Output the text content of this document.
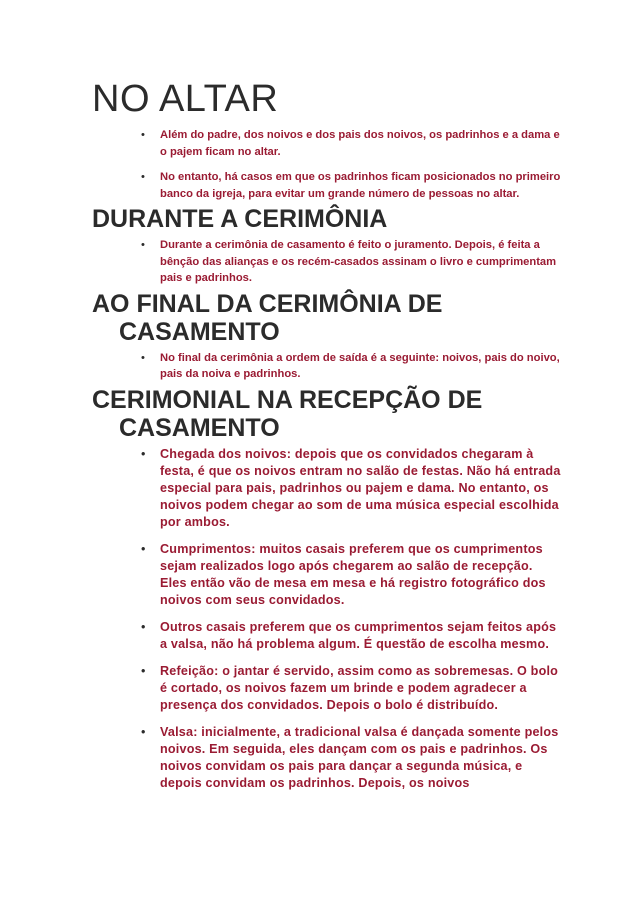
NO ALTAR
• Além do padre, dos noivos e dos pais dos noivos, os padrinhos e a dama e o pajem ficam no altar.
• No entanto, há casos em que os padrinhos ficam posicionados no primeiro banco da igreja, para evitar um grande número de pessoas no altar.
DURANTE A CERIMÔNIA
• Durante a cerimônia de casamento é feito o juramento. Depois, é feita a bênção das alianças e os recém-casados assinam o livro e cumprimentam pais e padrinhos.
AO FINAL DA CERIMÔNIA DE CASAMENTO
• No final da cerimônia a ordem de saída é a seguinte: noivos, pais do noivo, pais da noiva e padrinhos.
CERIMONIAL NA RECEPÇÃO DE CASAMENTO
• Chegada dos noivos: depois que os convidados chegaram à festa, é que os noivos entram no salão de festas. Não há entrada especial para pais, padrinhos ou pajem e dama. No entanto, os noivos podem chegar ao som de uma música especial escolhida por ambos.
• Cumprimentos: muitos casais preferem que os cumprimentos sejam realizados logo após chegarem ao salão de recepção. Eles então vão de mesa em mesa e há registro fotográfico dos noivos com seus convidados.
• Outros casais preferem que os cumprimentos sejam feitos após a valsa, não há problema algum. É questão de escolha mesmo.
• Refeição: o jantar é servido, assim como as sobremesas. O bolo é cortado, os noivos fazem um brinde e podem agradecer a presença dos convidados. Depois o bolo é distribuído.
• Valsa: inicialmente, a tradicional valsa é dançada somente pelos noivos. Em seguida, eles dançam com os pais e padrinhos. Os noivos convidam os pais para dançar a segunda música, e depois convidam os padrinhos. Depois, os noivos
